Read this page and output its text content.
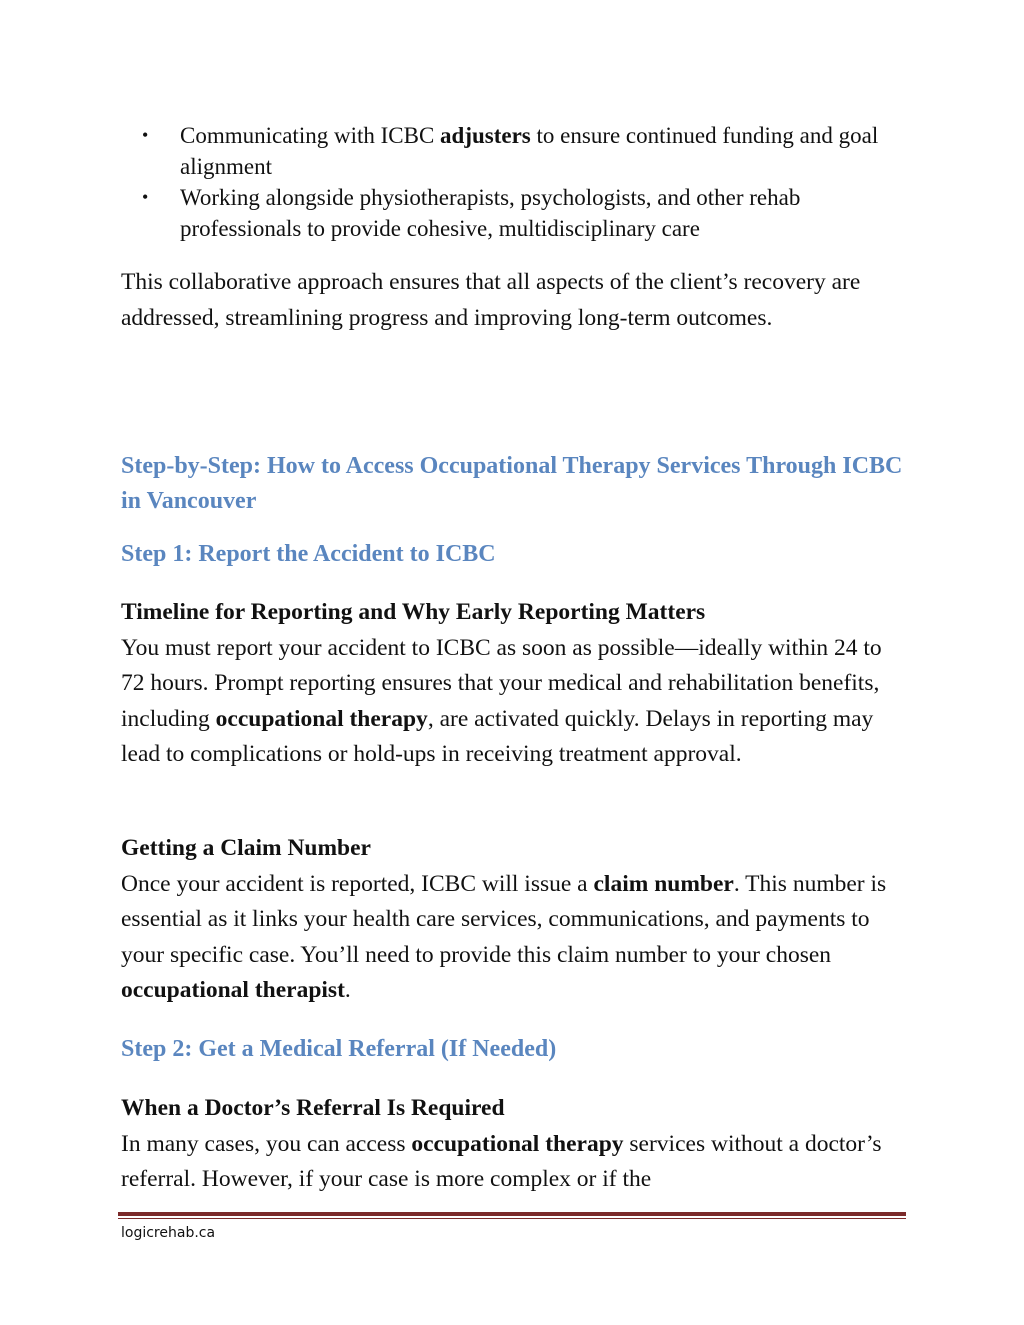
• Communicating with ICBC adjusters to ensure continued funding and goal alignment
• Working alongside physiotherapists, psychologists, and other rehab professionals to provide cohesive, multidisciplinary care

This collaborative approach ensures that all aspects of the client’s recovery are addressed, streamlining progress and improving long-term outcomes.

Step-by-Step: How to Access Occupational Therapy Services Through ICBC in Vancouver
Step 1: Report the Accident to ICBC
Timeline for Reporting and Why Early Reporting Matters
You must report your accident to ICBC as soon as possible—ideally within 24 to 72 hours. Prompt reporting ensures that your medical and rehabilitation benefits, including occupational therapy, are activated quickly. Delays in reporting may lead to complications or hold-ups in receiving treatment approval.
Getting a Claim Number
Once your accident is reported, ICBC will issue a claim number. This number is essential as it links your health care services, communications, and payments to your specific case. You’ll need to provide this claim number to your chosen occupational therapist.
Step 2: Get a Medical Referral (If Needed)
When a Doctor’s Referral Is Required
In many cases, you can access occupational therapy services without a doctor’s referral. However, if your case is more complex or if the
logicrehab.ca
